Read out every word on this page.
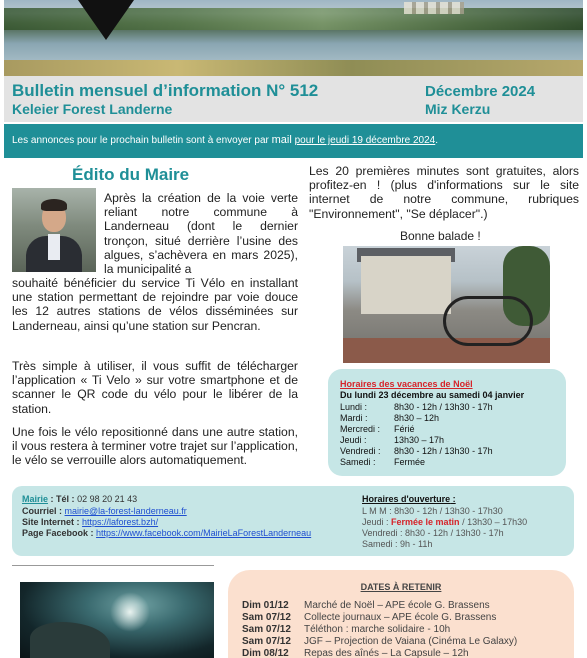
Bulletin mensuel d’information N° 512
Keleier Forest Landerne
Décembre 2024
Miz Kerzu
Les annonces pour le prochain bulletin sont à envoyer par mail pour le jeudi 19 décembre 2024.
Édito du Maire
Après la création de la voie verte reliant notre commune à Landerneau (dont le dernier tronçon, situé derrière l’usine des algues, s’achèvera en mars 2025), la municipalité a
souhaité bénéficier du service Ti Vélo en installant une station permettant de rejoindre par voie douce les 12 autres stations de vélos disséminées sur Landerneau, ainsi qu’une station sur Pencran.
Très simple à utiliser, il vous suffit de télécharger l’application « Ti Velo » sur votre smartphone et de scanner le QR code du vélo pour le libérer de la station.
Une fois le vélo repositionné dans une autre station, il vous restera à terminer votre trajet sur l’application, le vélo se verrouille alors automatiquement.
Les 20 premières minutes sont gratuites, alors profitez-en ! (plus d'informations sur le site internet de notre commune, rubriques "Environnement", "Se déplacer".)
Bonne balade !
Horaires des vacances de Noël
Du lundi 23 décembre au samedi 04 janvier
Lundi :	8h30 - 12h / 13h30 - 17h
Mardi :	8h30 – 12h
Mercredi : Férié
Jeudi :	13h30 – 17h
Vendredi : 8h30 - 12h / 13h30 - 17h
Samedi : Fermée
Mairie : Tél : 02 98 20 21 43
Courriel : mairie@la-forest-landerneau.fr
Site Internet : https://laforest.bzh/
Page Facebook : https://www.facebook.com/MairieLaForestLanderneau
Horaires d'ouverture :
L M M : 8h30 - 12h / 13h30 - 17h30
Jeudi : Fermée le matin / 13h30 – 17h30
Vendredi : 8h30 - 12h / 13h30 - 17h
Samedi : 9h - 11h
DATES À RETENIR
Dim 01/12 Marché de Noël – APE école G. Brassens
Sam 07/12 Collecte journaux – APE école G. Brassens
Sam 07/12 Téléthon : marche solidaire - 10h
Sam 07/12 JGF – Projection de Vaiana (Cinéma Le Galaxy)
Dim 08/12 Repas des aînés – La Capsule – 12h
